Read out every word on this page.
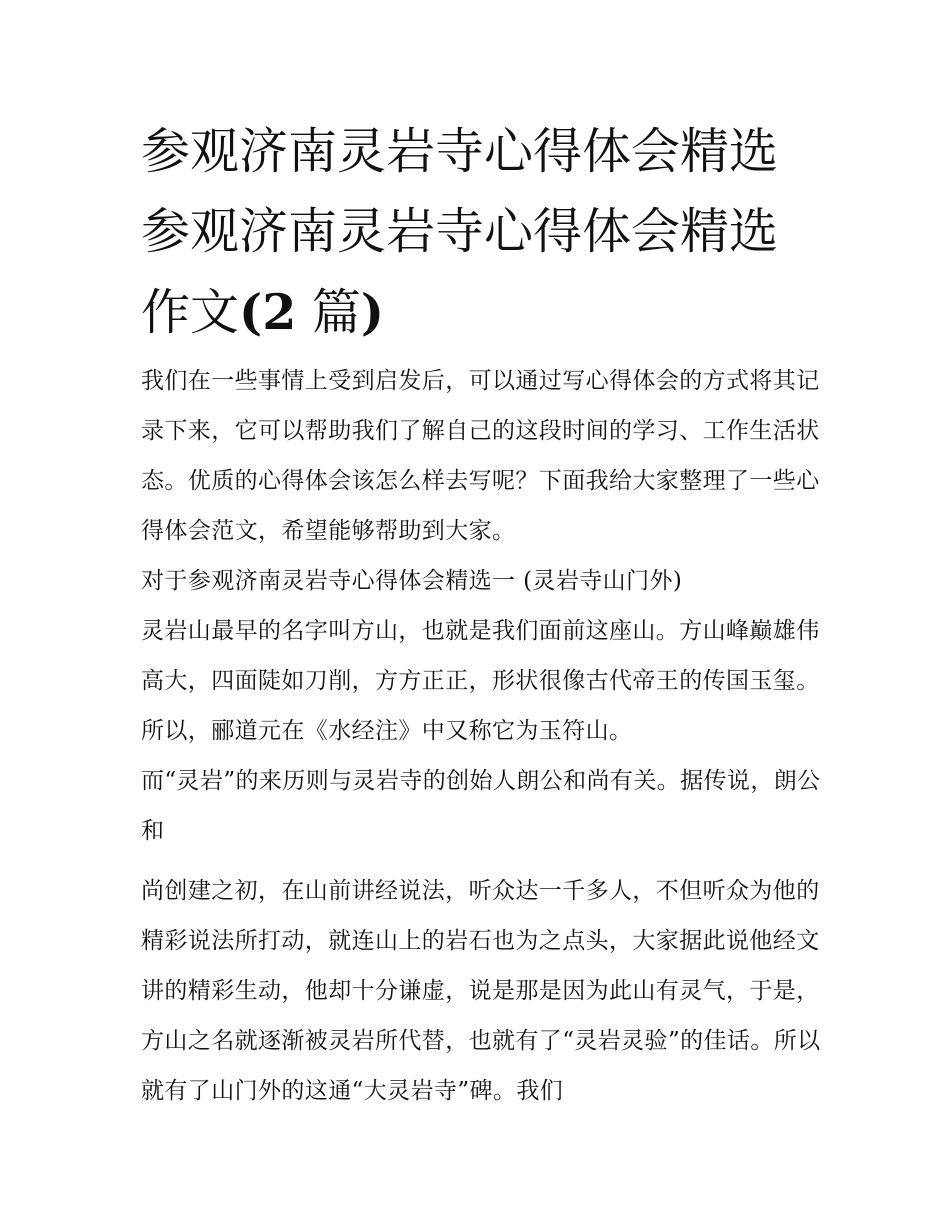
参观济南灵岩寺心得体会精选
参观济南灵岩寺心得体会精选
作文(2 篇)

我们在一些事情上受到启发后，可以通过写心得体会的方式将其记录下来，它可以帮助我们了解自己的这段时间的学习、工作生活状态。优质的心得体会该怎么样去写呢？下面我给大家整理了一些心得体会范文，希望能够帮助到大家。

对于参观济南灵岩寺心得体会精选一 (灵岩寺山门外)

灵岩山最早的名字叫方山，也就是我们面前这座山。方山峰巅雄伟高大，四面陡如刀削，方方正正，形状很像古代帝王的传国玉玺。所以，郦道元在《水经注》中又称它为玉符山。

而“灵岩”的来历则与灵岩寺的创始人朗公和尚有关。据传说，朗公和

尚创建之初，在山前讲经说法，听众达一千多人，不但听众为他的精彩说法所打动，就连山上的岩石也为之点头，大家据此说他经文讲的精彩生动，他却十分谦虚，说是那是因为此山有灵气，于是，方山之名就逐渐被灵岩所代替，也就有了“灵岩灵验”的佳话。所以就有了山门外的这通“大灵岩寺”碑。我们
